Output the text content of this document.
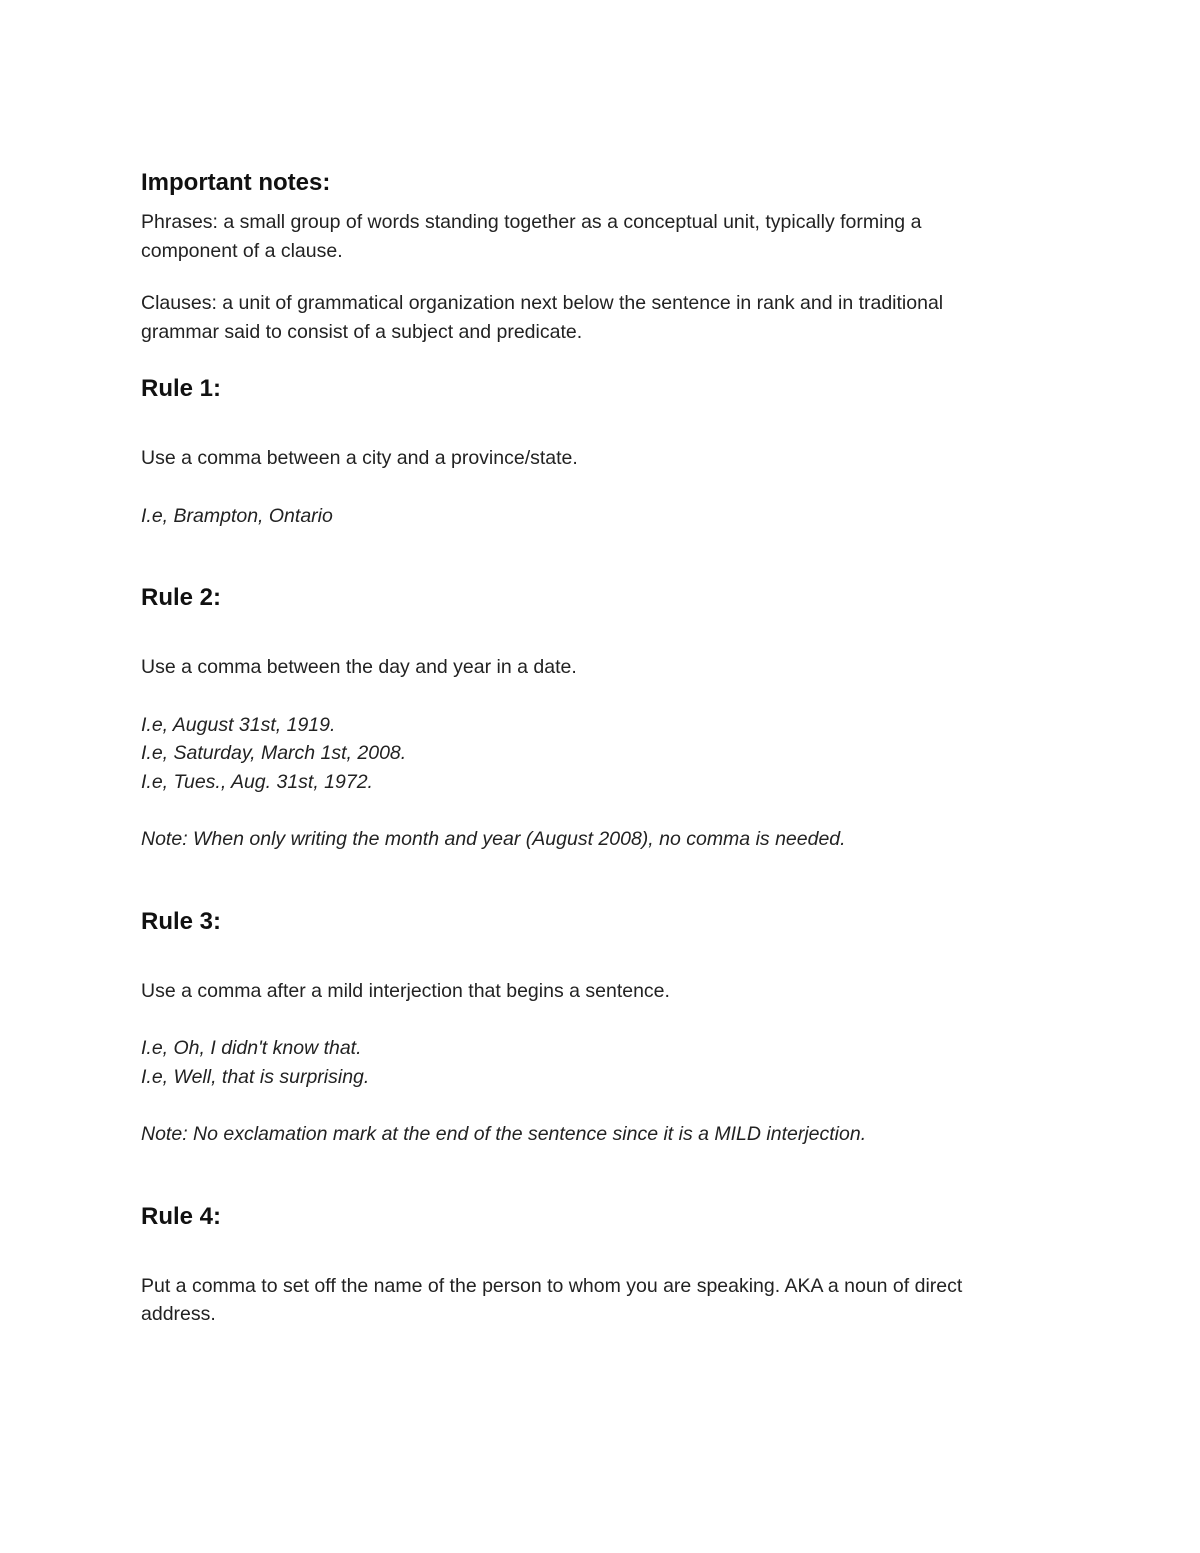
Important notes:

Phrases: a small group of words standing together as a conceptual unit, typically forming a

component of a clause.

Clauses: a unit of grammatical organization next below the sentence in rank and in traditional

grammar said to consist of a subject and predicate.

Rule 1:

Use a comma between a city and a province/state.

I.e, Brampton, Ontario

Rule 2:

Use a comma between the day and year in a date.

I.e, August 31st, 1919.

I.e, Saturday, March 1st, 2008.

I.e, Tues., Aug. 31st, 1972.

Note: When only writing the month and year (August 2008), no comma is needed.

Rule 3:

Use a comma after a mild interjection that begins a sentence.

I.e, Oh, I didn't know that.

I.e, Well, that is surprising.

Note: No exclamation mark at the end of the sentence since it is a MILD interjection.

Rule 4:

Put a comma to set off the name of the person to whom you are speaking. AKA a noun of direct

address.
